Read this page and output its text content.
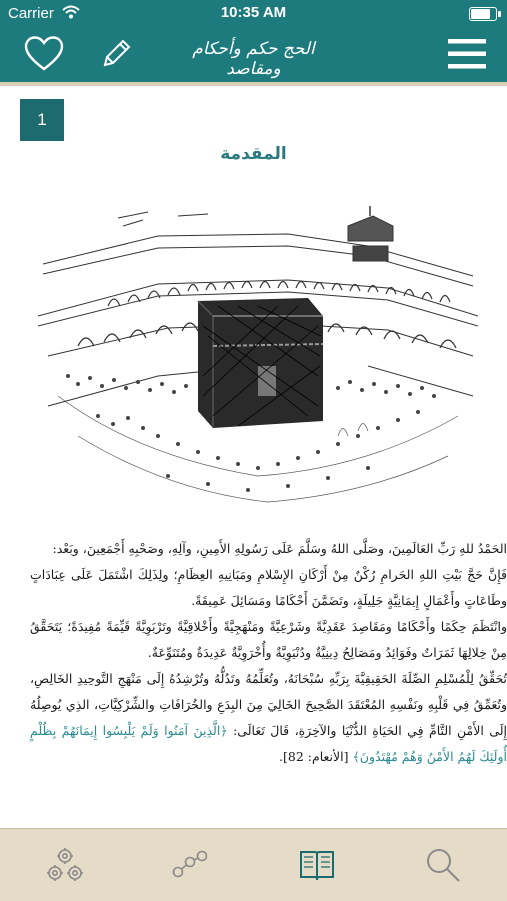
Carrier	10:35 AM
الحج حكم وأحكام ومقاصد
1
المقدمة

الحَمْدُ للهِ رَبِّ العَالَمِينَ، وصَلَّى اللهُ وسَلَّمَ عَلَى رَسُولِهِ الأَمِينِ، وآلِهِ، وصَحْبِهِ أَجْمَعِينَ، وبَعْد:

فَإِنَّ حَجَّ بَيْتِ اللهِ الحَرامِ رُكْنٌ مِنْ أَرْكَانِ الإِسْلامِ ومَبَانِيهِ العِظَامِ؛ ولِذَلِكَ اشْتَمَلَ عَلَى عِبَادَاتٍ وطَاعَاتٍ وأَعْمَالٍ إِيمَانِيَّةٍ جَلِيلَةٍ، وتَضَمَّنَ أَحْكَامًا ومَسَائِلَ عَمِيقَةً.

وانْتَظَمَ حِكَمًا وأَحْكَامًا ومَقَاصِدَ عَقَدِيَّةً وشَرْعِيَّةً ومَنْهَجِيَّةً وأَخْلاقِيَّةً وتَرْبَوِيَّةً قَيِّمَةً مُفِيدَةً؛ يَتَحَقَّقُ مِنْ خِلالِهَا ثَمَرَاتٌ وفَوَائِدُ ومَصَالِحُ دِينِيَّةٌ ودُنْيَوِيَّةٌ وأُخْرَوِيَّةٌ عَدِيدَةٌ ومُتَنَوِّعَةٌ.

تُحَقِّقُ لِلْمُسْلِمِ الصِّلَةَ الحَقِيقِيَّةَ بِرَبِّهِ سُبْحَانَهُ، وتُعَلِّمُهُ وتَدُلُّهُ وتُرْشِدُهُ إِلَى مَنْهَجِ التَّوحِيدِ الخَالِصِ، وتُعَمِّقُ فِي قَلْبِهِ ونَفْسِهِ المُعْتَقَدَ الصَّحِيحَ الخَالِيَ مِنَ البِدَعِ والخُرَافَاتِ والشِّرْكِيَّاتِ، الذِي يُوصِلُهُ إِلَى الأَمْنِ التَّامِّ فِي الحَيَاةِ الدُّنْيَا والآخِرَةِ، قَالَ تَعَالَى: ﴿الَّذِينَ آمَنُوا وَلَمْ يَلْبِسُوا إِيمَانَهُمْ بِظُلْمٍ أُولَئِكَ لَهُمُ الأَمْنُ وَهُمْ مُهْتَدُونَ﴾ [الأنعام: 82].
